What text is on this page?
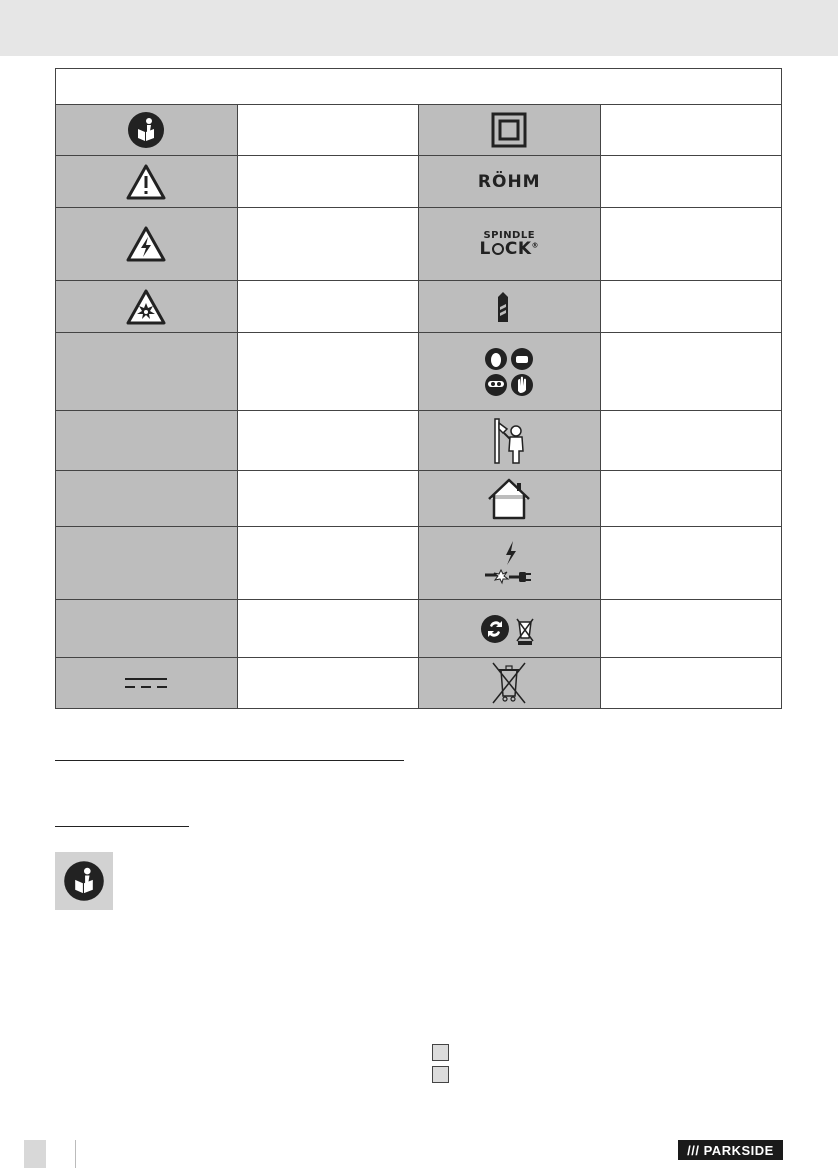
RÖHM	

SPINDLE
L CK®

/// PARKSIDE
